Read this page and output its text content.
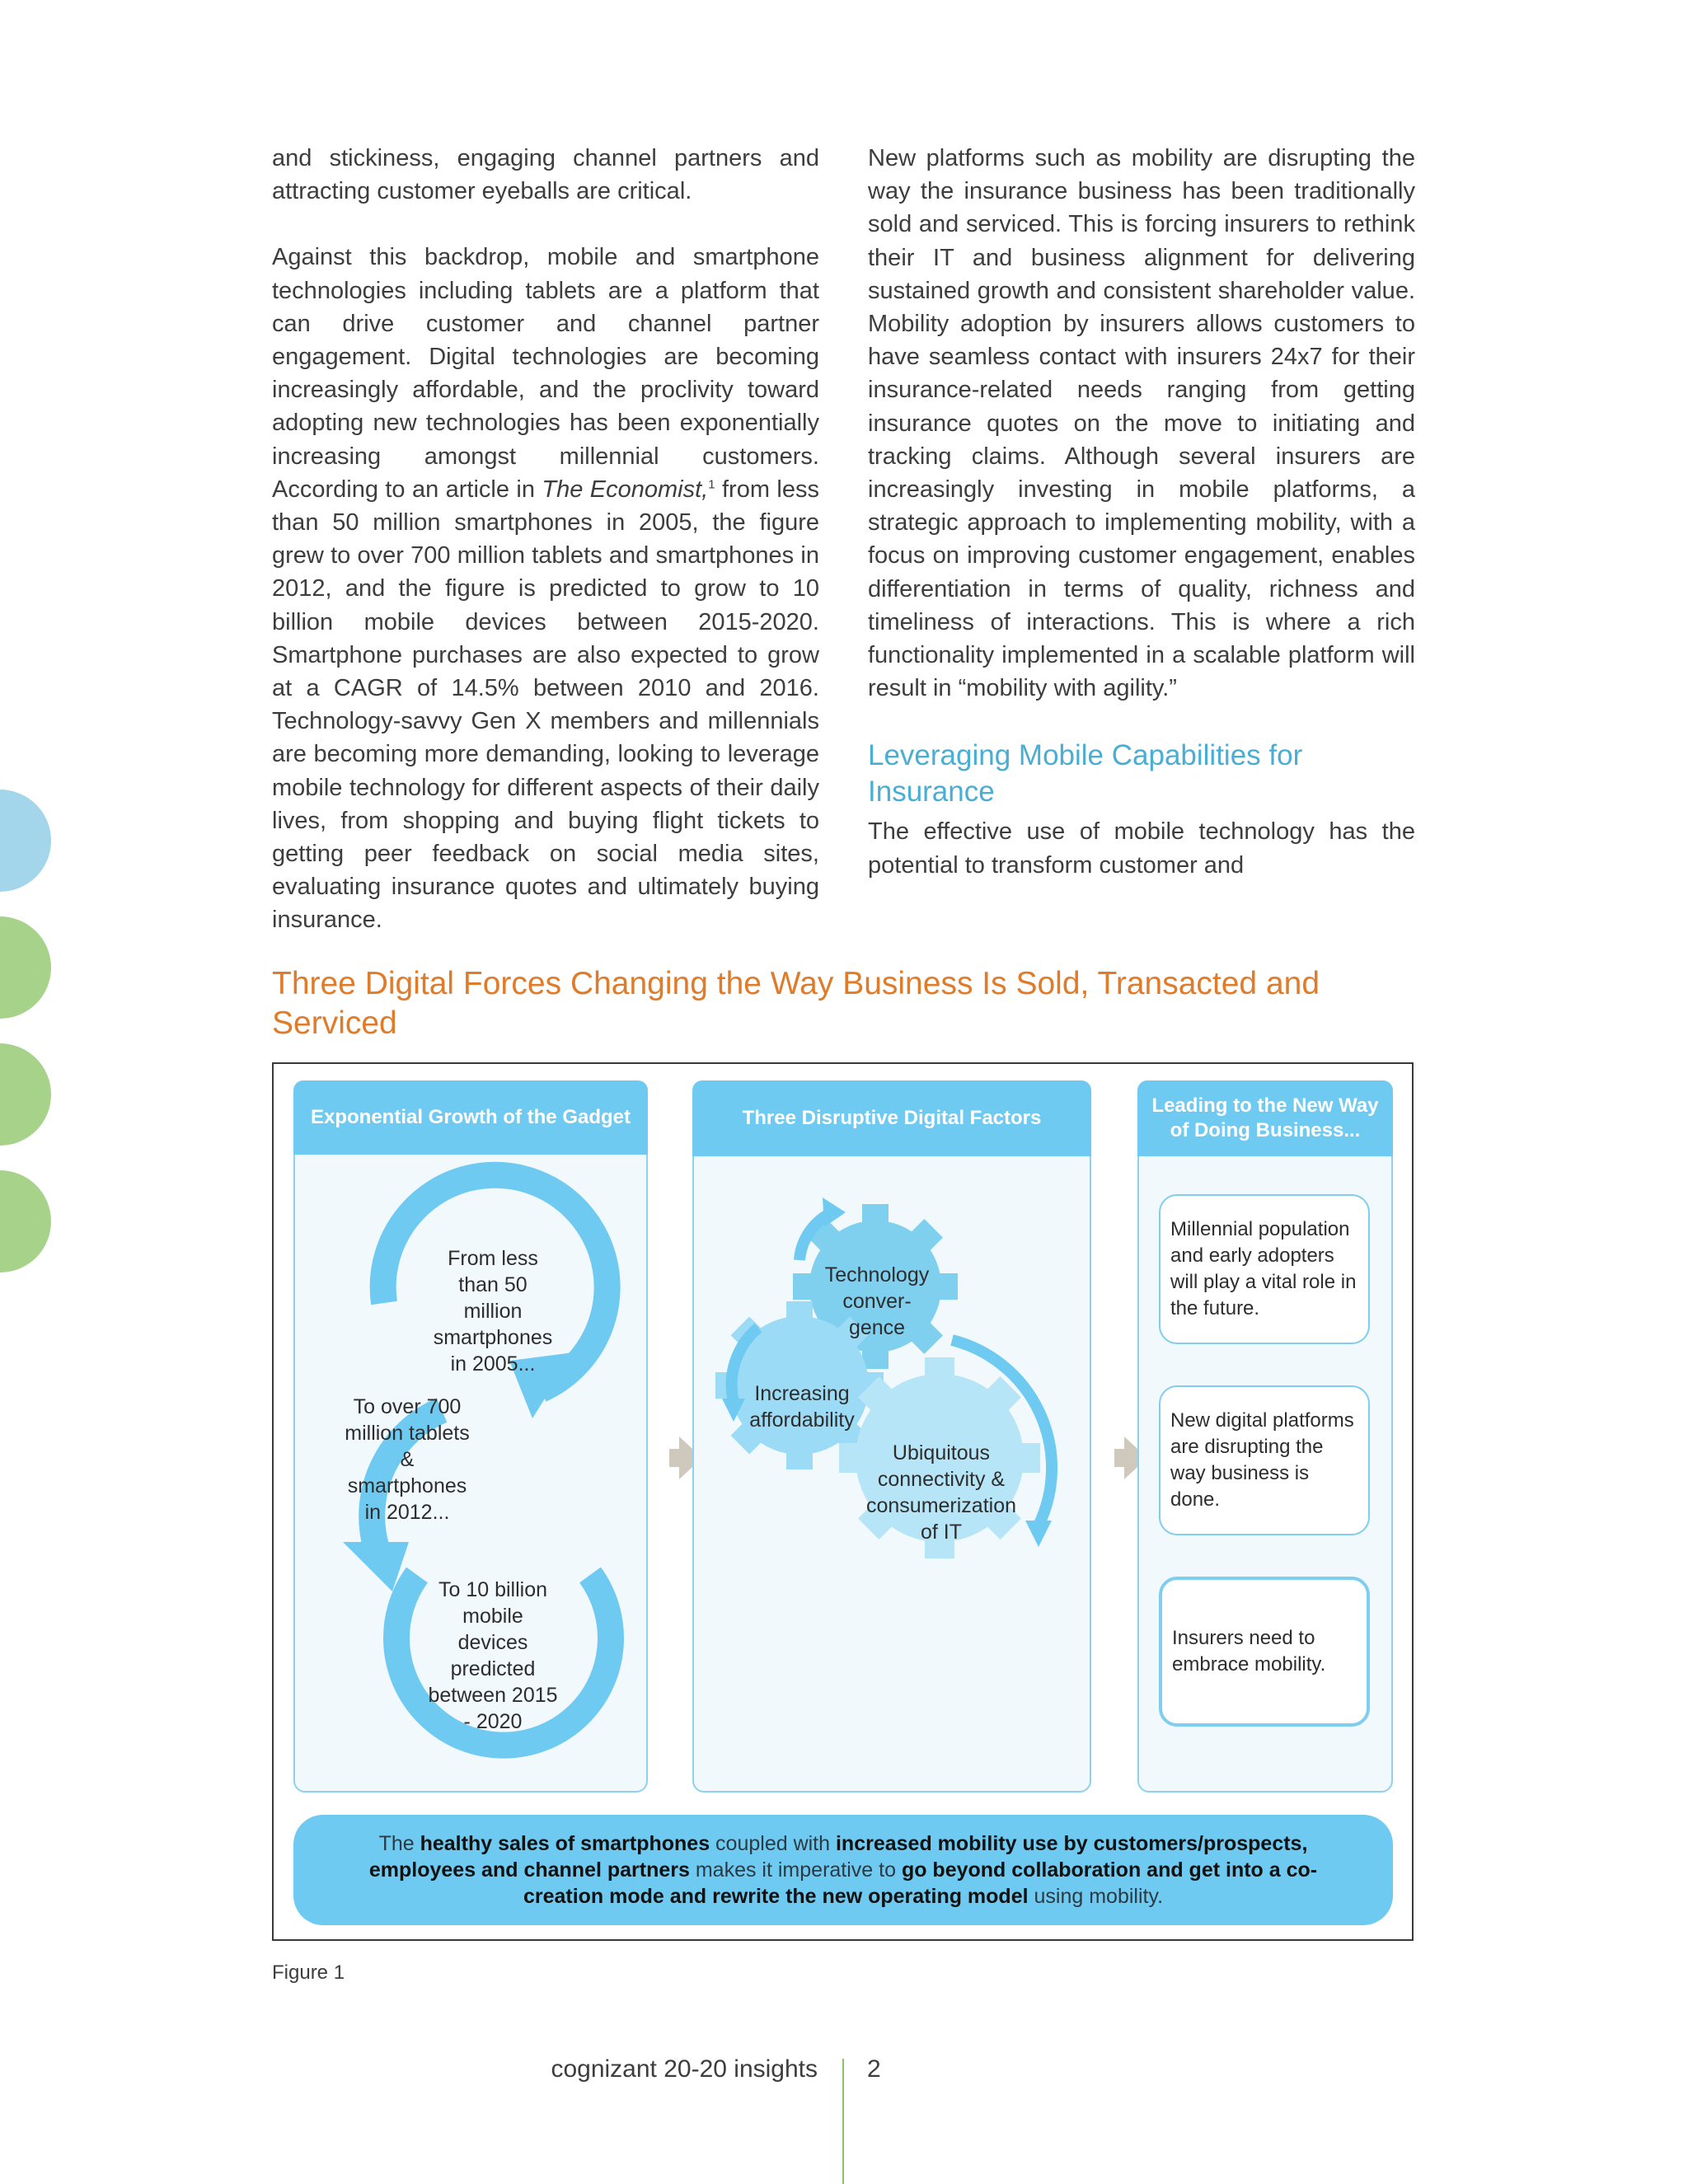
and stickiness, engaging channel partners and attracting customer eyeballs are critical.

Against this backdrop, mobile and smartphone technologies including tablets are a platform that can drive customer and channel partner engagement. Digital technologies are becoming increasingly affordable, and the proclivity toward adopting new technologies has been exponentially increasing amongst millennial customers. According to an article in The Economist,$^1$ from less than 50 million smartphones in 2005, the figure grew to over 700 million tablets and smartphones in 2012, and the figure is predicted to grow to 10 billion mobile devices between 2015-2020. Smartphone purchases are also expected to grow at a CAGR of 14.5% between 2010 and 2016. Technology-savvy Gen X members and millennials are becoming more demanding, looking to leverage mobile technology for different aspects of their daily lives, from shopping and buying flight tickets to getting peer feedback on social media sites, evaluating insurance quotes and ultimately buying insurance.

New platforms such as mobility are disrupting the way the insurance business has been traditionally sold and serviced. This is forcing insurers to rethink their IT and business alignment for delivering sustained growth and consistent shareholder value. Mobility adoption by insurers allows customers to have seamless contact with insurers 24x7 for their insurance-related needs ranging from getting insurance quotes on the move to initiating and tracking claims. Although several insurers are increasingly investing in mobile platforms, a strategic approach to implementing mobility, with a focus on improving customer engagement, enables differentiation in terms of quality, richness and timeliness of interactions. This is where a rich functionality implemented in a scalable platform will result in “mobility with agility.”

Leveraging Mobile Capabilities for Insurance

The effective use of mobile technology has the potential to transform customer and

Three Digital Forces Changing the Way Business Is Sold, Transacted and Serviced
Exponential Growth of the Gadget
From less than 50 million smartphones in 2005...
To over 700 million tablets & smartphones in 2012...
To 10 billion mobile devices predicted between 2015 - 2020
Three Disruptive Digital Factors
Technology conver- gence
Increasing affordability
Ubiquitous connectivity & consumerization of IT
Leading to the New Way of Doing Business...
Millennial population and early adopters will play a vital role in the future.
New digital platforms are disrupting the way business is done.
Insurers need to embrace mobility.
The healthy sales of smartphones coupled with increased mobility use by customers/prospects, employees and channel partners makes it imperative to go beyond collaboration and get into a co-creation mode and rewrite the new operating model using mobility.
Figure 1
cognizant 20-20 insights 2
